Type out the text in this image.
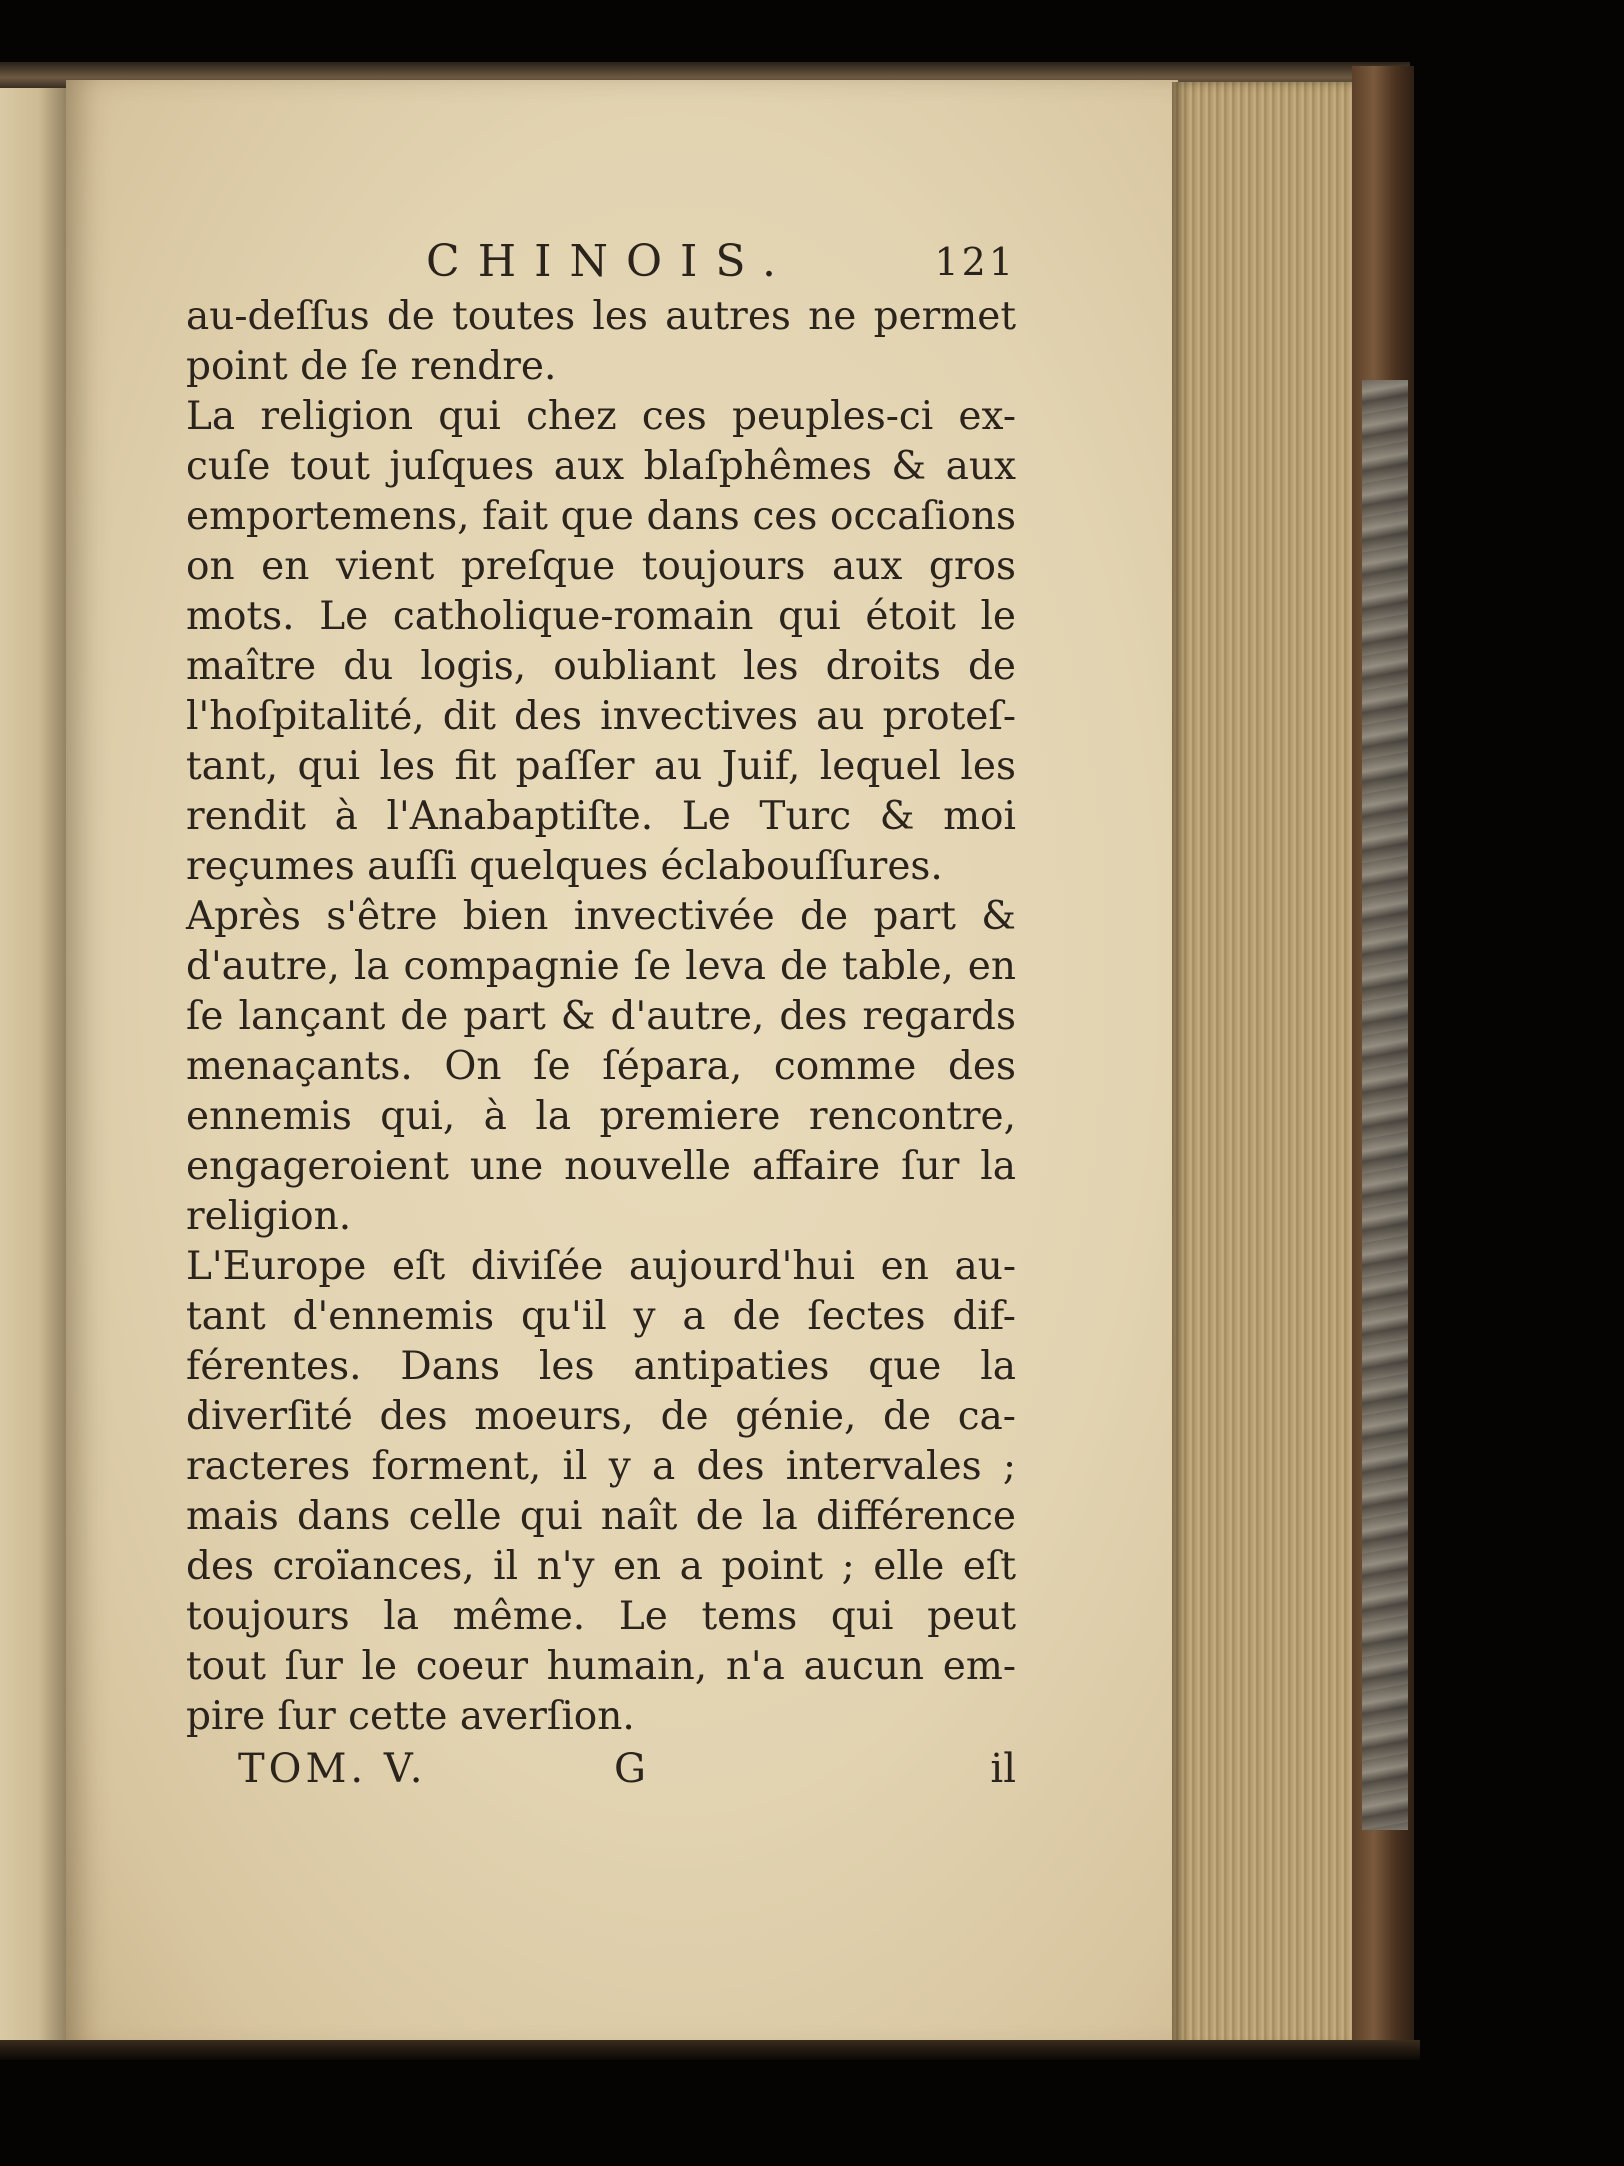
CHINOIS.	121
au-deſſus de toutes les autres ne permet
point de ſe rendre.
La religion qui chez ces peuples-ci ex-
cuſe tout juſques aux blaſphêmes & aux
emportemens, fait que dans ces occaſions
on en vient preſque toujours aux gros
mots. Le catholique-romain qui étoit le
maître du logis, oubliant les droits de
l'hoſpitalité, dit des invectives au proteſ-
tant, qui les fit paſſer au Juif, lequel les
rendit à l'Anabaptiſte. Le Turc & moi
reçumes auſſi quelques éclabouſſures.
Après s'être bien invectivée de part &
d'autre, la compagnie ſe leva de table, en
ſe lançant de part & d'autre, des regards
menaçants. On ſe ſépara, comme des
ennemis qui, à la premiere rencontre,
engageroient une nouvelle affaire ſur la
religion.
L'Europe eſt diviſée aujourd'hui en au-
tant d'ennemis qu'il y a de ſectes dif-
férentes. Dans les antipaties que la
diverſité des moeurs, de génie, de ca-
racteres forment, il y a des intervales ;
mais dans celle qui naît de la différence
des croïances, il n'y en a point ; elle eſt
toujours la même. Le tems qui peut
tout ſur le coeur humain, n'a aucun em-
pire ſur cette averſion.
TOM. V.	G	il
